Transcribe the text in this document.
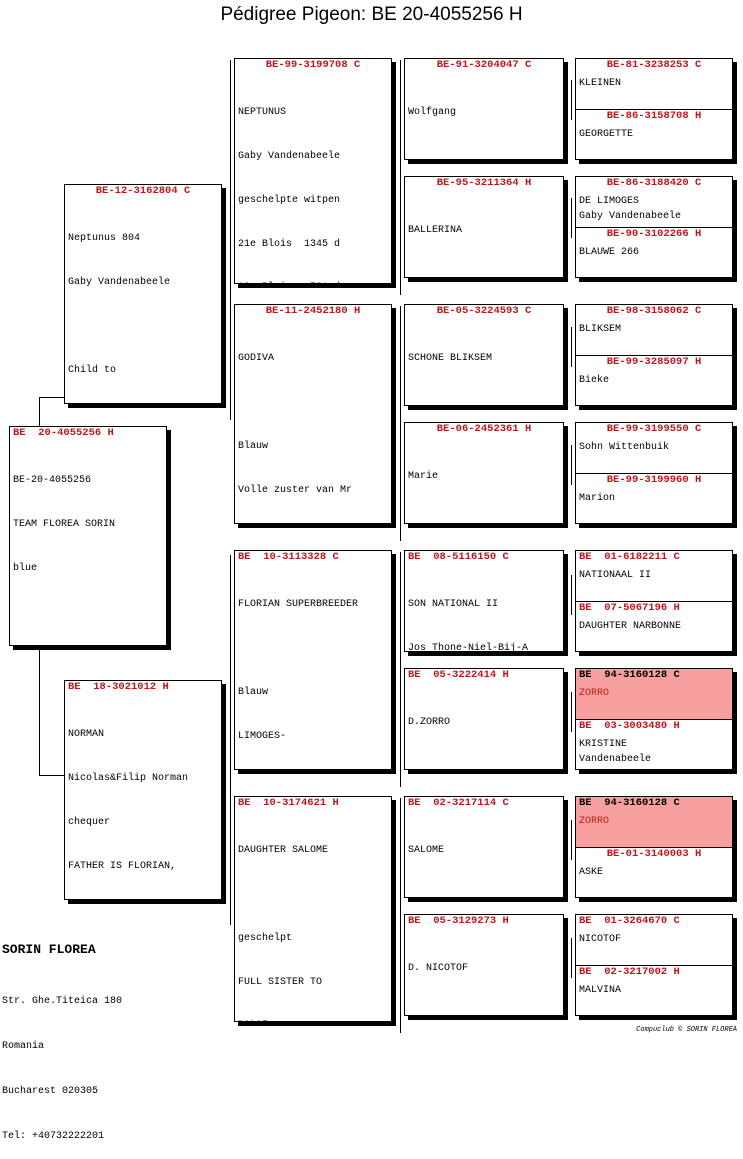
Pédigree Pigeon: BE 20-4055256 H
BE  20-4055256 H

BE-20-4055256

TEAM FLOREA SORIN

blue

BE-12-3162804 C

Neptunus 804

Gaby Vandenabeele

Child to

BE  18-3021012 H

NORMAN

Nicolas&Filip Norman

chequer

FATHER IS FLORIAN,

BE-99-3199708 C

NEPTUNUS

Gaby Vandenabeele

geschelpte witpen

21e Blois  1345 d

BE-11-2452180 H

GODIVA

Blauw

Volle zuster van Mr

BE  10-3113328 C

FLORIAN SUPERBREEDER

Blauw

LIMOGES-

BE  10-3174621 H

DAUGHTER SALOME

geschelpt

FULL SISTER TO

BE-91-3204047 C

Wolfgang

BE-95-3211364 H

BALLERINA

BE-05-3224593 C

SCHONE BLIKSEM

BE-06-2452361 H

Marie

BE  08-5116150 C

SON NATIONAL II

Jos Thone-Niel-Bij-A

BE  05-3222414 H

D.ZORRO

BE  02-3217114 C

SALOME

BE  05-3129273 H

D. NICOTOF

BE-81-3238253 C
KLEINEN
BE-86-3158708 H
GEORGETTE
BE-86-3188420 C
DE LIMOGES
Gaby Vandenabeele
BE-90-3102266 H
BLAUWE 266
BE-98-3158062 C
BLIKSEM
BE-99-3285097 H
Bieke
BE-99-3199550 C
Sohn Wittenbuik
BE-99-3199960 H
Marion
BE  01-6182211 C
NATIONAAL II
BE  07-5067196 H
DAUGHTER NARBONNE
BE  94-3160128 C
ZORRO
BE  03-3003480 H
KRISTINE
Vandenabeele
BE  94-3160128 C
ZORRO
BE-01-3140003 H
ASKE
BE  01-3264670 C
NICOTOF
BE  02-3217002 H
MALVINA
SORIN FLOREA

Str. Ghe.Titeica 180

Romania

Bucharest 020305

Tel: +40732222201

Compuclub © SORIN FLOREA
